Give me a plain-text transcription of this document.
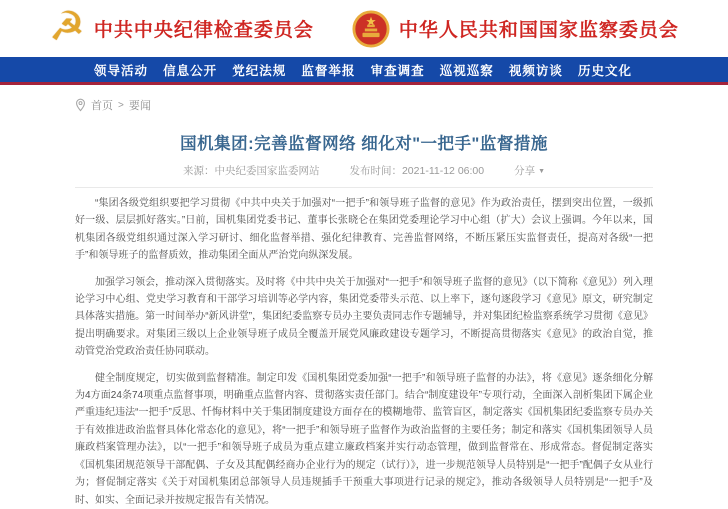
☭ 中共中央纪律检查委员会	中华人民共和国国家监察委员会
领导活动 信息公开 党纪法规 监督举报 审查调查 巡视巡察 视频访谈 历史文化
首页 > 要闻
国机集团:完善监督网络 细化对"一把手"监督措施
来源：中央纪委国家监委网站	发布时间：2021-11-12 06:00	分享 ▼

“集团各级党组织要把学习贯彻《中共中央关于加强对“一把手”和领导班子监督的意见》作为政治责任，摆到突出位置，一级抓好一级、层层抓好落实。”日前，国机集团党委书记、董事长张晓仑在集团党委理论学习中心组（扩大）会议上强调。今年以来，国机集团各级党组织通过深入学习研讨、细化监督举措、强化纪律教育、完善监督网络，不断压紧压实监督责任，提高对各级“一把手”和领导班子的监督质效，推动集团全面从严治党向纵深发展。

加强学习领会，推动深入贯彻落实。及时将《中共中央关于加强对“一把手”和领导班子监督的意见》（以下简称《意见》）列入理论学习中心组、党史学习教育和干部学习培训等必学内容，集团党委带头示范、以上率下，逐句逐段学习《意见》原文，研究制定具体落实措施。第一时间举办“新风讲堂”，集团纪委监察专员办主要负责同志作专题辅导，并对集团纪检监察系统学习贯彻《意见》提出明确要求。对集团三级以上企业领导班子成员全覆盖开展党风廉政建设专题学习，不断提高贯彻落实《意见》的政治自觉，推动管党治党政治责任协同联动。

健全制度规定，切实做到监督精准。制定印发《国机集团党委加强“一把手”和领导班子监督的办法》，将《意见》逐条细化分解为4方面24条74项重点监督事项，明确重点监督内容、贯彻落实责任部门。结合“制度建设年”专项行动，全面深入剖析集团下属企业严重违纪违法“一把手”反思、忏悔材料中关于集团制度建设方面存在的模糊地带、监管盲区，制定落实《国机集团纪委监察专员办关于有效推进政治监督具体化常态化的意见》，将“一把手”和领导班子监督作为政治监督的主要任务；制定和落实《国机集团领导人员廉政档案管理办法》，以“一把手”和领导班子成员为重点建立廉政档案并实行动态管理，做到监督常在、形成常态。督促制定落实《国机集团规范领导干部配偶、子女及其配偶经商办企业行为的规定（试行）》，进一步规范领导人员特别是“一把手”配偶子女从业行为；督促制定落实《关于对国机集团总部领导人员违规插手干预重大事项进行记录的规定》，推动各级领导人员特别是“一把手”及时、如实、全面记录并按规定报告有关情况。
